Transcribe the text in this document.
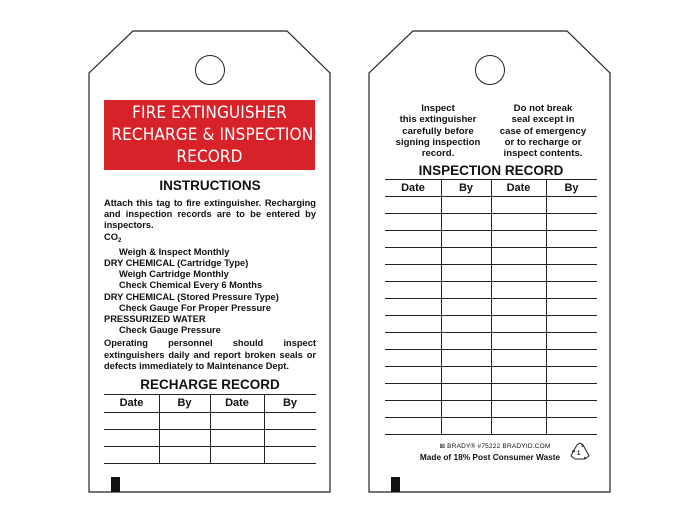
FIRE EXTINGUISHER
RECHARGE & INSPECTION
RECORD
INSTRUCTIONS
Attach this tag to fire extinguisher. Recharging and inspection records are to be entered by inspectors.
$CO_2$
Weigh & Inspect Monthly
DRY CHEMICAL (Cartridge Type)
Weigh Cartridge Monthly
Check Chemical Every 6 Months
DRY CHEMICAL (Stored Pressure Type)
Check Gauge For Proper Pressure
PRESSURIZED WATER
Check Gauge Pressure
Operating personnel should inspect extinguishers daily and report broken seals or defects immediately to Maintenance Dept.
RECHARGE RECORD
Date	By	Date	By
Inspect
this extinguisher
carefully before
signing inspection
record.
Do not break
seal except in
case of emergency
or to recharge or
inspect contents.
INSPECTION RECORD
Date	By	Date	By
⊠ BRADY® #75222 BRADYID.COM
Made of 18% Post Consumer Waste	1
